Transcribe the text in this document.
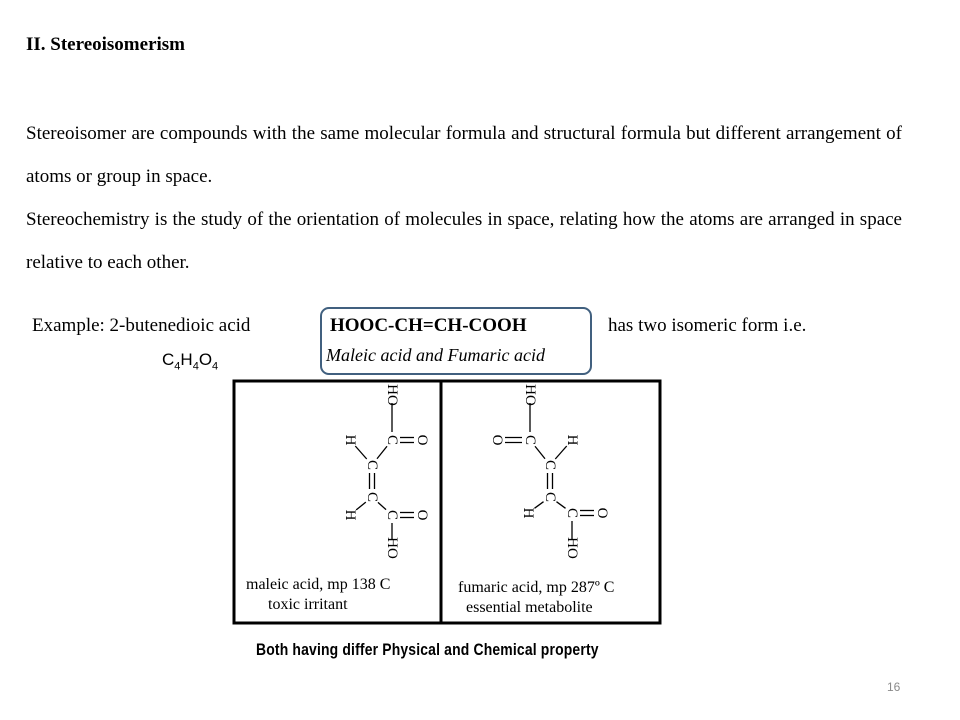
II. Stereoisomerism
Stereoisomer are compounds with the same molecular formula and structural formula but different arrangement of atoms or group in space.
Stereochemistry is the study of the orientation of molecules in space, relating how the atoms are arranged in space relative to each other.
Example: 2-butenedioic acid	HOOC-CH=CH-COOH
Maleic acid and Fumaric acid
has two isomeric form i.e.
$C_4H_4O_4$
HO
C O
H
C
C
H C O
HO
HO
C
O	H
C
C
H C O
HO
maleic acid, mp 138 C
toxic irritant
fumaric acid, mp 287º C
essential metabolite
Both having differ Physical and Chemical property
16
